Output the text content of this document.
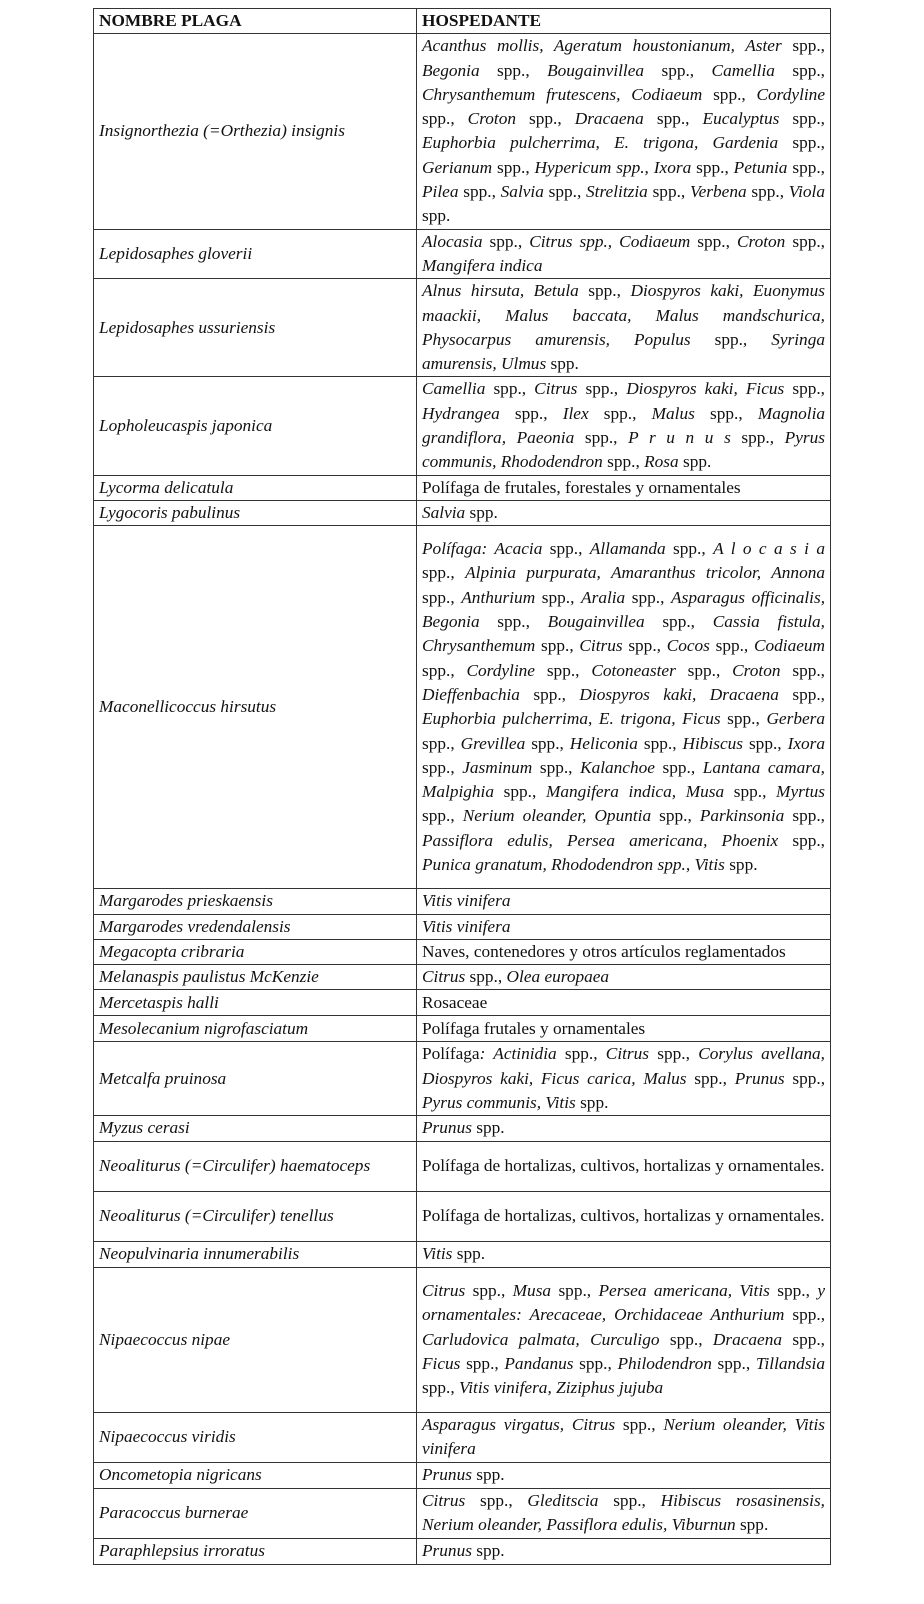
NOMBRE PLAGA	HOSPEDANTE
Insignorthezia (=Orthezia) insignis	Acanthus mollis, Ageratum houstonianum, Aster spp., Begonia spp., Bougainvillea spp., Camellia spp., Chrysanthemum frutescens, Codiaeum spp., Cordyline spp., Croton spp., Dracaena spp., Eucalyptus spp., Euphorbia pulcherrima, E. trigona, Gardenia spp., Gerianum spp., Hypericum spp., Ixora spp., Petunia spp., Pilea spp., Salvia spp., Strelitzia spp., Verbena spp., Viola spp.
Lepidosaphes gloverii	Alocasia spp., Citrus spp., Codiaeum spp., Croton spp., Mangifera indica
Lepidosaphes ussuriensis	Alnus hirsuta, Betula spp., Diospyros kaki, Euonymus maackii, Malus baccata, Malus mandschurica, Physocarpus amurensis, Populus spp., Syringa amurensis, Ulmus spp.
Lopholeucaspis japonica	Camellia spp., Citrus spp., Diospyros kaki, Ficus spp., Hydrangea spp., Ilex spp., Malus spp., Magnolia grandiflora, Paeonia spp., P r u n u s spp., Pyrus communis, Rhododendron spp., Rosa spp.
Lycorma delicatula	Polífaga de frutales, forestales y ornamentales
Lygocoris pabulinus	Salvia spp.
Maconellicoccus hirsutus	Polífaga: Acacia spp., Allamanda spp., A l o c a s i a spp., Alpinia purpurata, Amaranthus tricolor, Annona spp., Anthurium spp., Aralia spp., Asparagus officinalis, Begonia spp., Bougainvillea spp., Cassia fistula, Chrysanthemum spp., Citrus spp., Cocos spp., Codiaeum spp., Cordyline spp., Cotoneaster spp., Croton spp., Dieffenbachia spp., Diospyros kaki, Dracaena spp., Euphorbia pulcherrima, E. trigona, Ficus spp., Gerbera spp., Grevillea spp., Heliconia spp., Hibiscus spp., Ixora spp., Jasminum spp., Kalanchoe spp., Lantana camara, Malpighia spp., Mangifera indica, Musa spp., Myrtus spp., Nerium oleander, Opuntia spp., Parkinsonia spp., Passiflora edulis, Persea americana, Phoenix spp., Punica granatum, Rhododendron spp., Vitis spp.
Margarodes prieskaensis	Vitis vinifera
Margarodes vredendalensis	Vitis vinifera
Megacopta cribraria	Naves, contenedores y otros artículos reglamentados
Melanaspis paulistus McKenzie	Citrus spp., Olea europaea
Mercetaspis halli	Rosaceae
Mesolecanium nigrofasciatum	Polífaga frutales y ornamentales
Metcalfa pruinosa	Polífaga: Actinidia spp., Citrus spp., Corylus avellana, Diospyros kaki, Ficus carica, Malus spp., Prunus spp., Pyrus communis, Vitis spp.
Myzus cerasi	Prunus spp.
Neoaliturus (=Circulifer) haematoceps	Polífaga de hortalizas, cultivos, hortalizas y ornamentales.
Neoaliturus (=Circulifer) tenellus	Polífaga de hortalizas, cultivos, hortalizas y ornamentales.
Neopulvinaria innumerabilis	Vitis spp.
Nipaecoccus nipae	Citrus spp., Musa spp., Persea americana, Vitis spp., y ornamentales: Arecaceae, Orchidaceae Anthurium spp., Carludovica palmata, Curculigo spp., Dracaena spp., Ficus spp., Pandanus spp., Philodendron spp., Tillandsia spp., Vitis vinifera, Ziziphus jujuba
Nipaecoccus viridis	Asparagus virgatus, Citrus spp., Nerium oleander, Vitis vinifera
Oncometopia nigricans	Prunus spp.
Paracoccus burnerae	Citrus spp., Gleditscia spp., Hibiscus rosasinensis, Nerium oleander, Passiflora edulis, Viburnun spp.
Paraphlepsius irroratus	Prunus spp.
